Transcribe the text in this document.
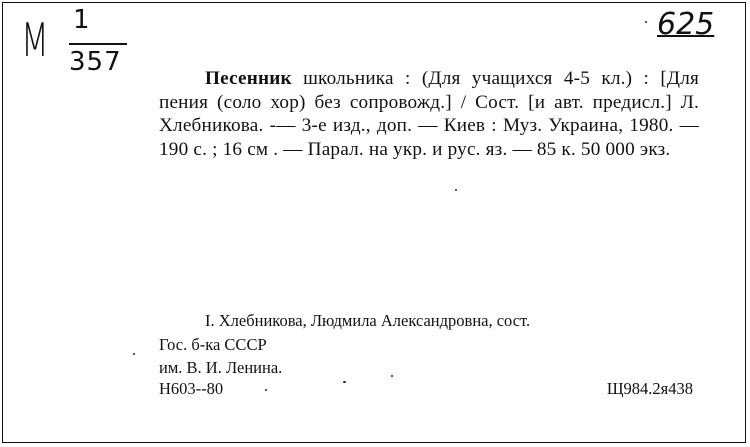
М 1
357
625
Песенник школьника : (Для учащихся 4-5 кл.) : [Для пения (соло хор) без сопровожд.] / Сост. [и авт. предисл.] Л. Хлебникова. -— 3-е изд., доп. — Киев : Муз. Украина, 1980. — 190 с. ; 16 см . — Парал. на укр. и рус. яз. — 85 к. 50 000 экз.
I. Хлебникова, Людмила Александровна, сост.
Гос. б-ка СССР
им. В. И. Ленина.
Н603--80	Щ984.2я438
